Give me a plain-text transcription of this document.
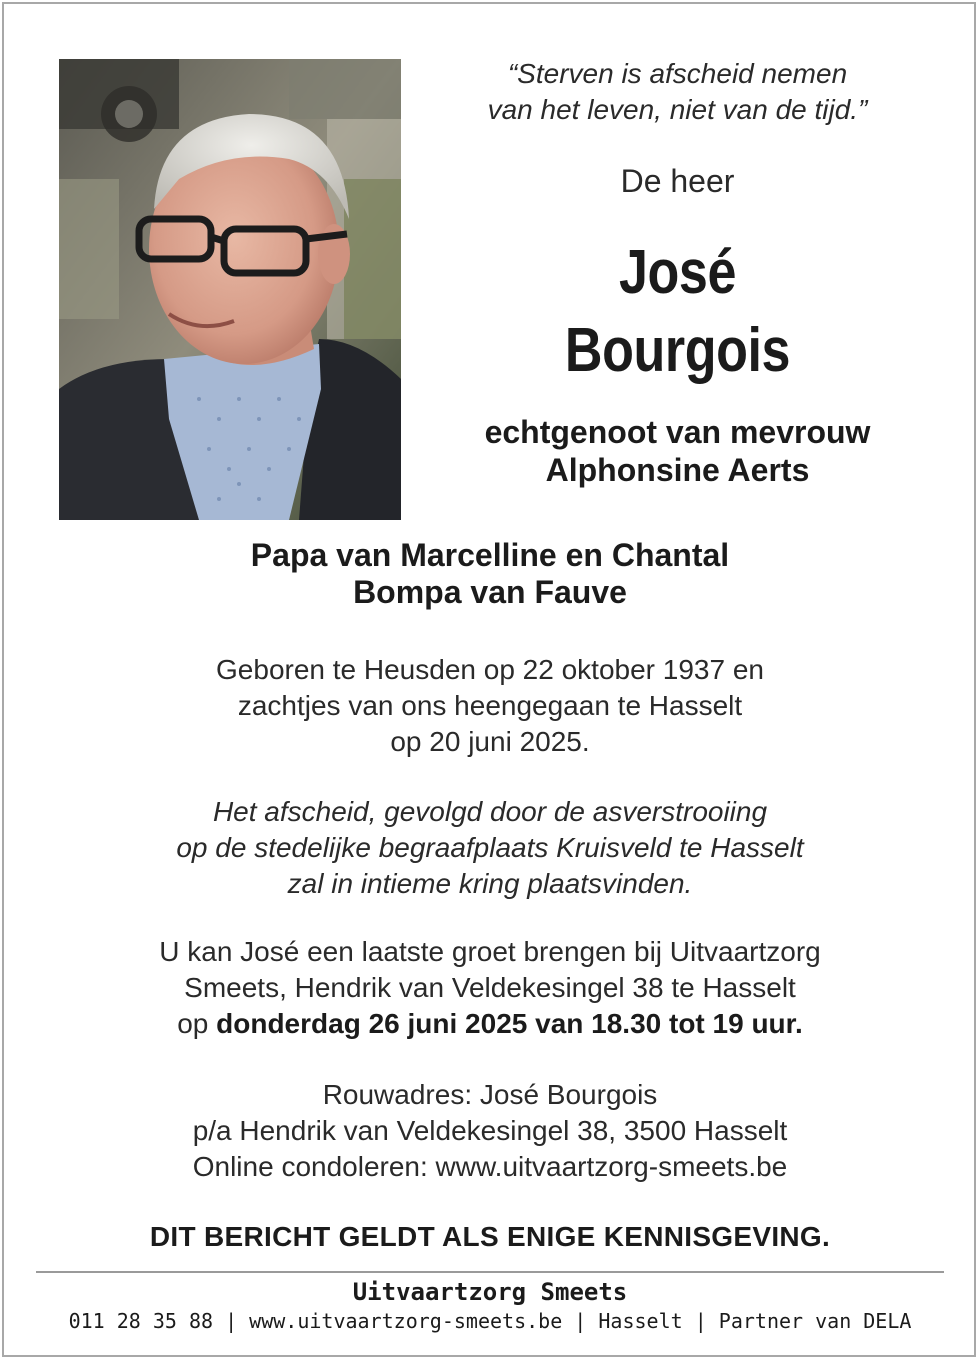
“Sterven is afscheid nemen
van het leven, niet van de tijd.”
De heer
José
Bourgois
echtgenoot van mevrouw
Alphonsine Aerts
Papa van Marcelline en Chantal
Bompa van Fauve
Geboren te Heusden op 22 oktober 1937 en
zachtjes van ons heengegaan te Hasselt
op 20 juni 2025.
Het afscheid, gevolgd door de asverstrooiing
op de stedelijke begraafplaats Kruisveld te Hasselt
zal in intieme kring plaatsvinden.
U kan José een laatste groet brengen bij Uitvaartzorg
Smeets, Hendrik van Veldekesingel 38 te Hasselt
op donderdag 26 juni 2025 van 18.30 tot 19 uur.
Rouwadres: José Bourgois
p/a Hendrik van Veldekesingel 38, 3500 Hasselt
Online condoleren: www.uitvaartzorg-smeets.be
DIT BERICHT GELDT ALS ENIGE KENNISGEVING.
Uitvaartzorg Smeets
011 28 35 88 | www.uitvaartzorg-smeets.be | Hasselt | Partner van DELA
